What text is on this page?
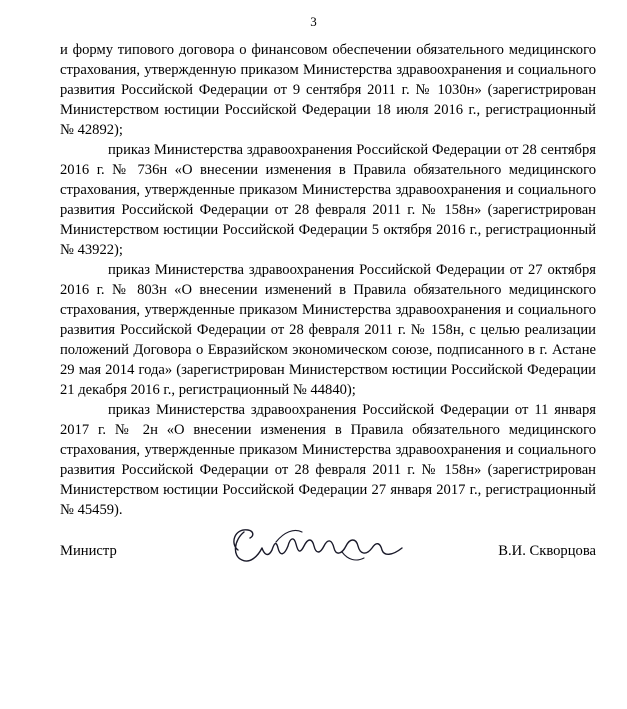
3

и форму типового договора о финансовом обеспечении обязательного медицинского страхования, утвержденную приказом Министерства здравоохранения и социального развития Российской Федерации от 9 сентября 2011 г. № 1030н» (зарегистрирован Министерством юстиции Российской Федерации 18 июля 2016 г., регистрационный № 42892);

приказ Министерства здравоохранения Российской Федерации от 28 сентября 2016 г. № 736н «О внесении изменения в Правила обязательного медицинского страхования, утвержденные приказом Министерства здравоохранения и социального развития Российской Федерации от 28 февраля 2011 г. № 158н» (зарегистрирован Министерством юстиции Российской Федерации 5 октября 2016 г., регистрационный № 43922);

приказ Министерства здравоохранения Российской Федерации от 27 октября 2016 г. № 803н «О внесении изменений в Правила обязательного медицинского страхования, утвержденные приказом Министерства здравоохранения и социального развития Российской Федерации от 28 февраля 2011 г. № 158н, с целью реализации положений Договора о Евразийском экономическом союзе, подписанного в г. Астане 29 мая 2014 года» (зарегистрирован Министерством юстиции Российской Федерации 21 декабря 2016 г., регистрационный № 44840);

приказ Министерства здравоохранения Российской Федерации от 11 января 2017 г. № 2н «О внесении изменения в Правила обязательного медицинского страхования, утвержденные приказом Министерства здравоохранения и социального развития Российской Федерации от 28 февраля 2011 г. № 158н» (зарегистрирован Министерством юстиции Российской Федерации 27 января 2017 г., регистрационный № 45459).

Министр	В.И. Скворцова
